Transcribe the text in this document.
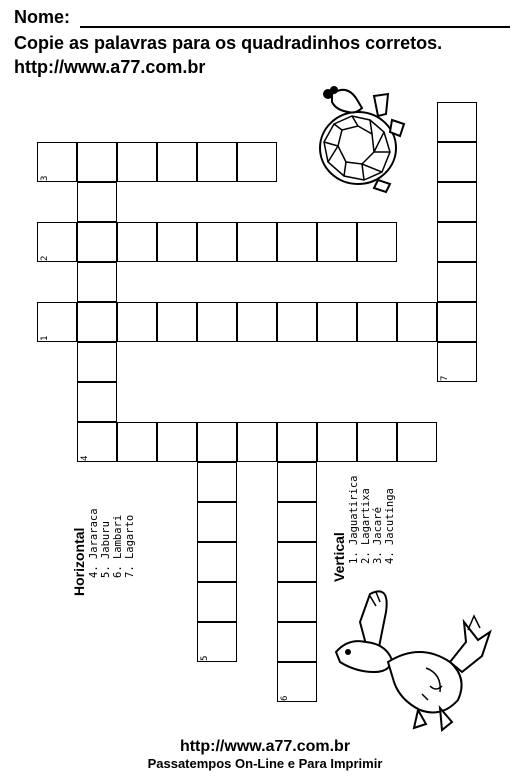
Nome:
Copie as palavras para os quadradinhos corretos.
http://www.a77.com.br
3
2
1
4
5
6
7
Horizontal 4. Jararaca 5. Jaburu 6. Lambari 7. Lagarto	Vertical 1. Jaguatirica 2. Lagartixa 3. Jacaré 4. Jacutinga
http://www.a77.com.br
Passatempos On-Line e Para Imprimir
